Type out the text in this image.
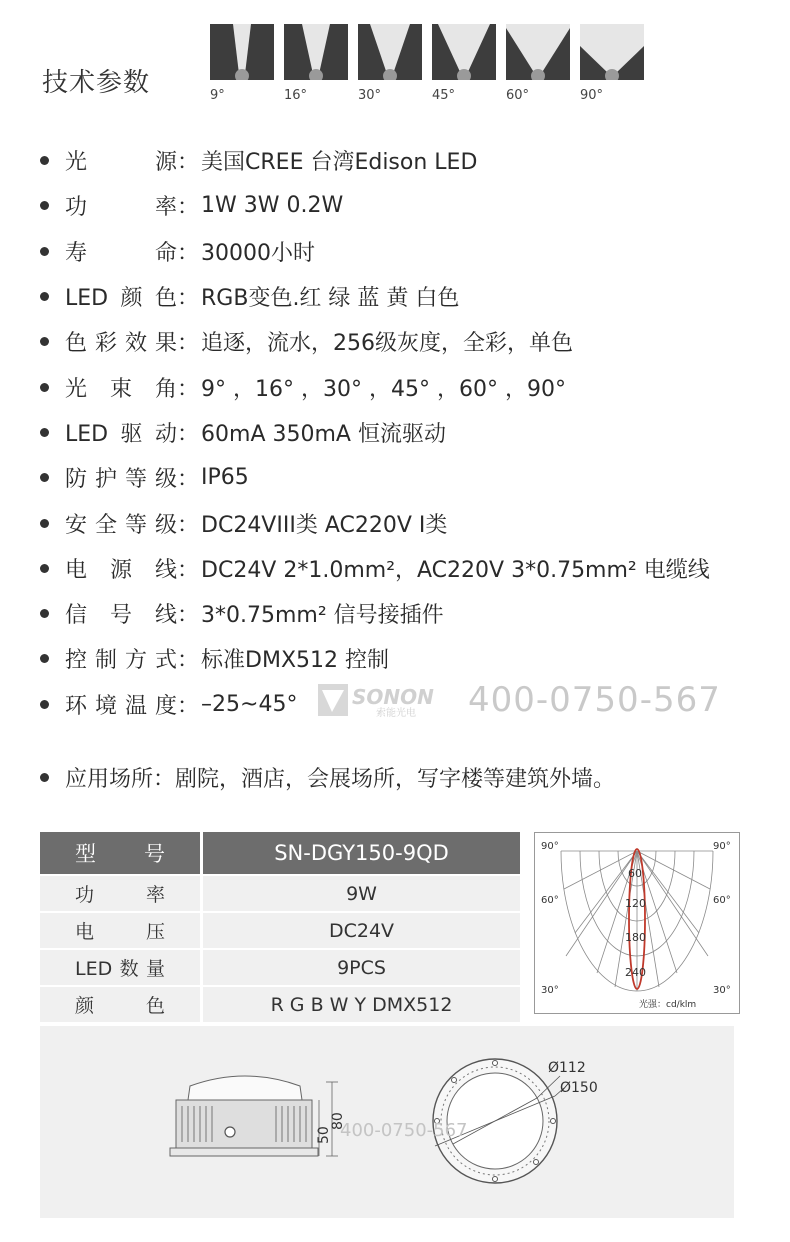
技术参数	9°	16°	30°	45°	60°	90°
光 源 ： 美国CREE 台湾Edison LED
功 率 ： 1W 3W 0.2W
寿 命 ： 30000小时
LED颜色 ： RGB变色.红 绿 蓝 黄 白色
色彩效果 ： 追逐，流水，256级灰度，全彩，单色
光束角 ： 9° ，16° ，30° ，45° ，60° ，90°
LED驱动 ： 60mA 350mA 恒流驱动
防护等级 ： IP65
安全等级 ： DC24VIII类 AC220V I类
电源线 ： DC24V 2*1.0mm²，AC220V 3*0.75mm² 电缆线
信号线 ： 3*0.75mm² 信号接插件
控制方式 ： 标准DMX512 控制
环境温度 ： –25~45°	SONON
索能光电 400-0750-567
应用场所 ： 剧院，酒店，会展场所，写字楼等建筑外墙。
型 号	SN-DGY150-9QD
功 率	9W
电 压	DC24V
LED数量	9PCS
颜 色	R G B W Y DMX512
90°	90°
60°	60°
30°	30°
60
120
180
240
光强：cd/klm
80
50
Ø112
Ø150
400-0750-567
